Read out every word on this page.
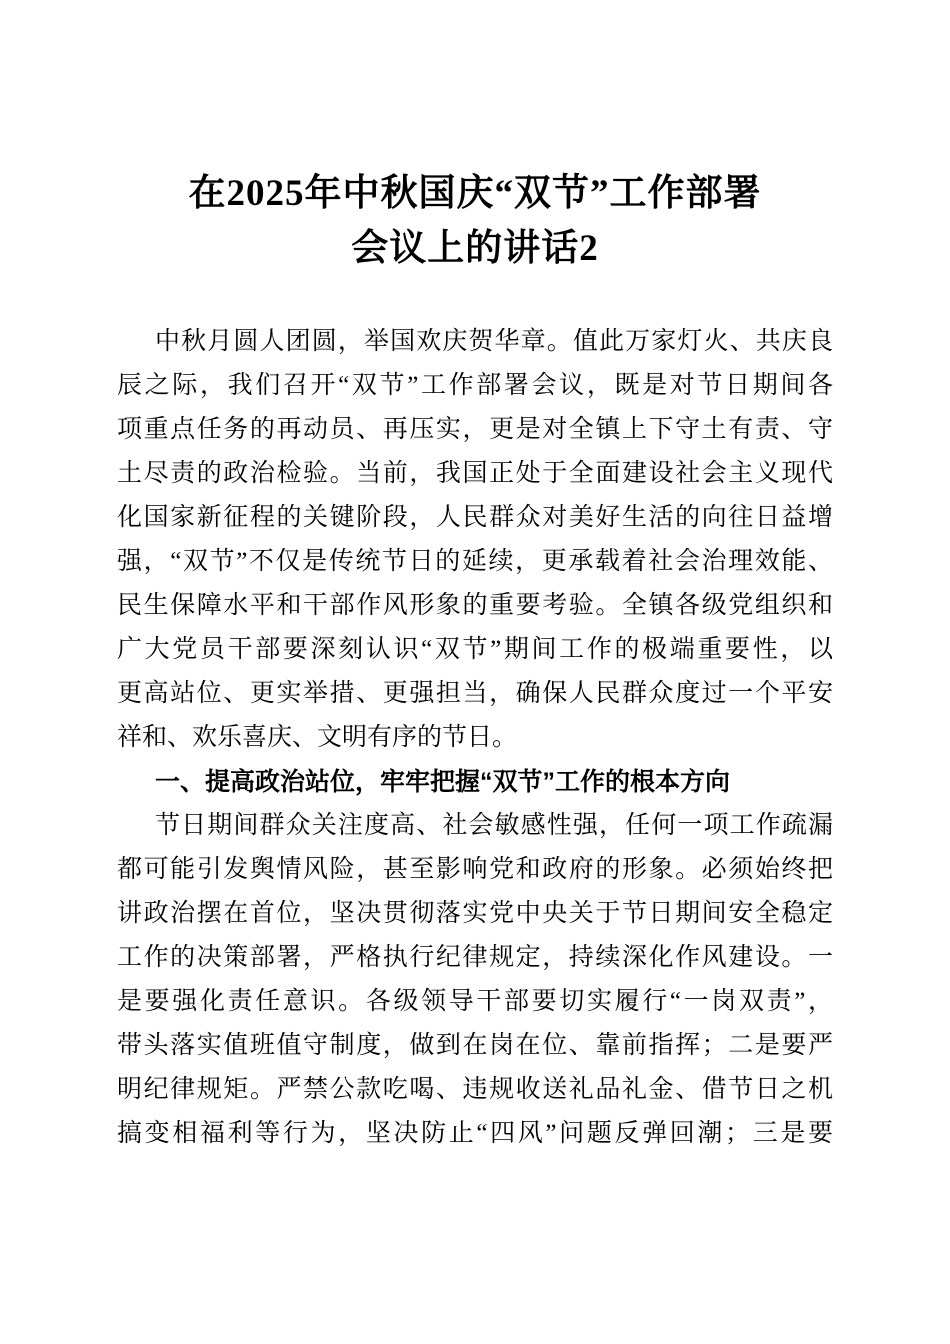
在2025年中秋国庆“双节”工作部署
会议上的讲话2
中秋月圆人团圆，举国欢庆贺华章。值此万家灯火、共庆良
辰之际，我们召开“双节”工作部署会议，既是对节日期间各
项重点任务的再动员、再压实，更是对全镇上下守土有责、守
土尽责的政治检验。当前，我国正处于全面建设社会主义现代
化国家新征程的关键阶段，人民群众对美好生活的向往日益增
强，“双节”不仅是传统节日的延续，更承载着社会治理效能、
民生保障水平和干部作风形象的重要考验。全镇各级党组织和
广大党员干部要深刻认识“双节”期间工作的极端重要性，以
更高站位、更实举措、更强担当，确保人民群众度过一个平安
祥和、欢乐喜庆、文明有序的节日。
一、提高政治站位，牢牢把握“双节”工作的根本方向
节日期间群众关注度高、社会敏感性强，任何一项工作疏漏
都可能引发舆情风险，甚至影响党和政府的形象。必须始终把
讲政治摆在首位，坚决贯彻落实党中央关于节日期间安全稳定
工作的决策部署，严格执行纪律规定，持续深化作风建设。一
是要强化责任意识。各级领导干部要切实履行“一岗双责”，
带头落实值班值守制度，做到在岗在位、靠前指挥；二是要严
明纪律规矩。严禁公款吃喝、违规收送礼品礼金、借节日之机
搞变相福利等行为，坚决防止“四风”问题反弹回潮；三是要
